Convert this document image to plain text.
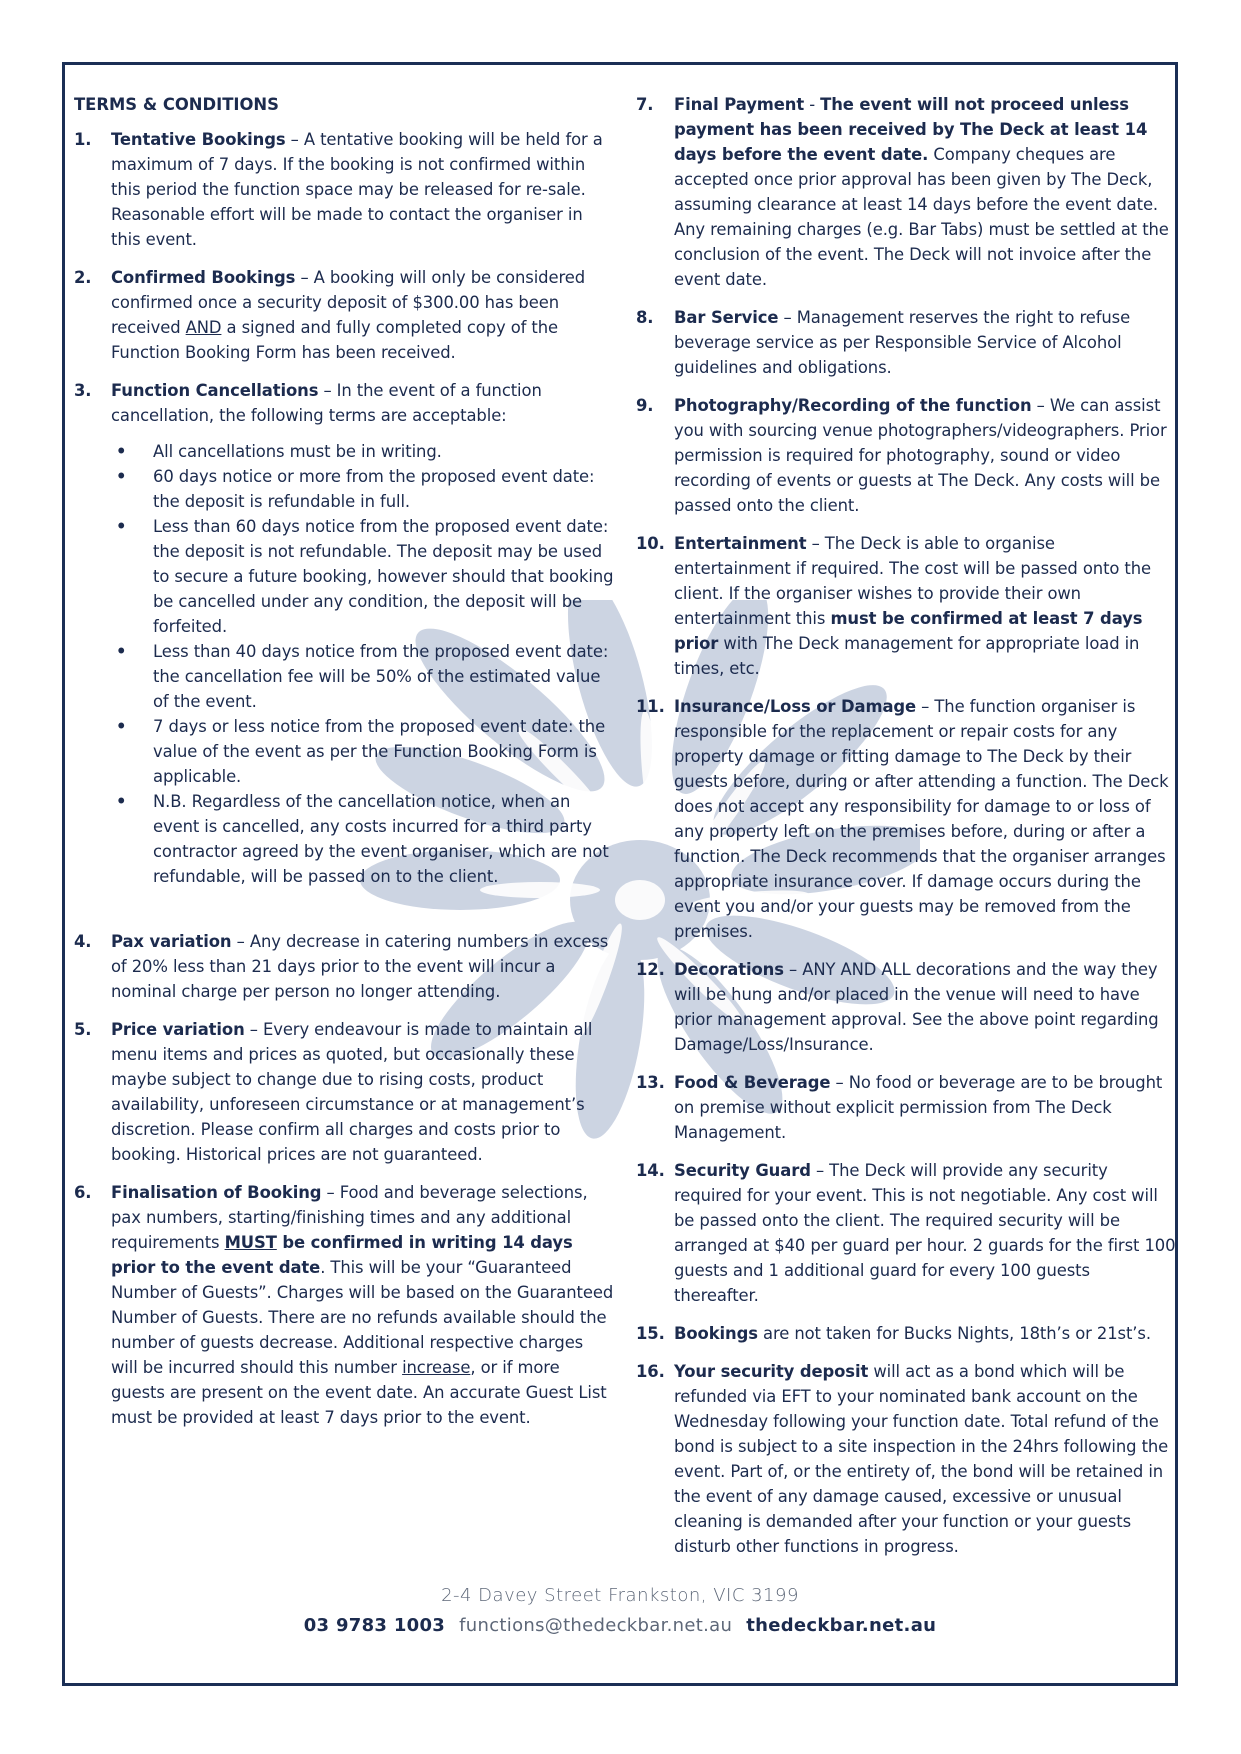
TERMS & CONDITIONS
1. Tentative Bookings – A tentative booking will be held for a maximum of 7 days. If the booking is not confirmed within this period the function space may be released for re-sale. Reasonable effort will be made to contact the organiser in this event.
2. Confirmed Bookings – A booking will only be considered confirmed once a security deposit of $300.00 has been received AND a signed and fully completed copy of the Function Booking Form has been received.
3. Function Cancellations – In the event of a function cancellation, the following terms are acceptable:
• All cancellations must be in writing.
• 60 days notice or more from the proposed event date: the deposit is refundable in full.
• Less than 60 days notice from the proposed event date: the deposit is not refundable. The deposit may be used to secure a future booking, however should that booking be cancelled under any condition, the deposit will be forfeited.
• Less than 40 days notice from the proposed event date: the cancellation fee will be 50% of the estimated value of the event.
• 7 days or less notice from the proposed event date: the value of the event as per the Function Booking Form is applicable.
• N.B. Regardless of the cancellation notice, when an event is cancelled, any costs incurred for a third party contractor agreed by the event organiser, which are not refundable, will be passed on to the client.
4. Pax variation – Any decrease in catering numbers in excess of 20% less than 21 days prior to the event will incur a nominal charge per person no longer attending.
5. Price variation – Every endeavour is made to maintain all menu items and prices as quoted, but occasionally these maybe subject to change due to rising costs, product availability, unforeseen circumstance or at management’s discretion. Please confirm all charges and costs prior to booking. Historical prices are not guaranteed.
6. Finalisation of Booking – Food and beverage selections, pax numbers, starting/finishing times and any additional requirements MUST be confirmed in writing 14 days prior to the event date. This will be your “Guaranteed Number of Guests”. Charges will be based on the Guaranteed Number of Guests. There are no refunds available should the number of guests decrease. Additional respective charges will be incurred should this number increase, or if more guests are present on the event date. An accurate Guest List must be provided at least 7 days prior to the event.
7. Final Payment - The event will not proceed unless payment has been received by The Deck at least 14 days before the event date. Company cheques are accepted once prior approval has been given by The Deck, assuming clearance at least 14 days before the event date. Any remaining charges (e.g. Bar Tabs) must be settled at the conclusion of the event. The Deck will not invoice after the event date.
8. Bar Service – Management reserves the right to refuse beverage service as per Responsible Service of Alcohol guidelines and obligations.
9. Photography/Recording of the function – We can assist you with sourcing venue photographers/videographers. Prior permission is required for photography, sound or video recording of events or guests at The Deck. Any costs will be passed onto the client.
10. Entertainment – The Deck is able to organise entertainment if required. The cost will be passed onto the client. If the organiser wishes to provide their own entertainment this must be confirmed at least 7 days prior with The Deck management for appropriate load in times, etc.
11. Insurance/Loss or Damage – The function organiser is responsible for the replacement or repair costs for any property damage or fitting damage to The Deck by their guests before, during or after attending a function. The Deck does not accept any responsibility for damage to or loss of any property left on the premises before, during or after a function. The Deck recommends that the organiser arranges appropriate insurance cover. If damage occurs during the event you and/or your guests may be removed from the premises.
12. Decorations – ANY AND ALL decorations and the way they will be hung and/or placed in the venue will need to have prior management approval. See the above point regarding Damage/Loss/Insurance.
13. Food & Beverage – No food or beverage are to be brought on premise without explicit permission from The Deck Management.
14. Security Guard – The Deck will provide any security required for your event. This is not negotiable. Any cost will be passed onto the client. The required security will be arranged at $40 per guard per hour. 2 guards for the first 100 guests and 1 additional guard for every 100 guests thereafter.
15. Bookings are not taken for Bucks Nights, 18th’s or 21st’s.
16. Your security deposit will act as a bond which will be refunded via EFT to your nominated bank account on the Wednesday following your function date. Total refund of the bond is subject to a site inspection in the 24hrs following the event. Part of, or the entirety of, the bond will be retained in the event of any damage caused, excessive or unusual cleaning is demanded after your function or your guests disturb other functions in progress.
2-4 Davey Street Frankston, VIC 3199
03 9783 1003 functions@thedeckbar.net.au thedeckbar.net.au
